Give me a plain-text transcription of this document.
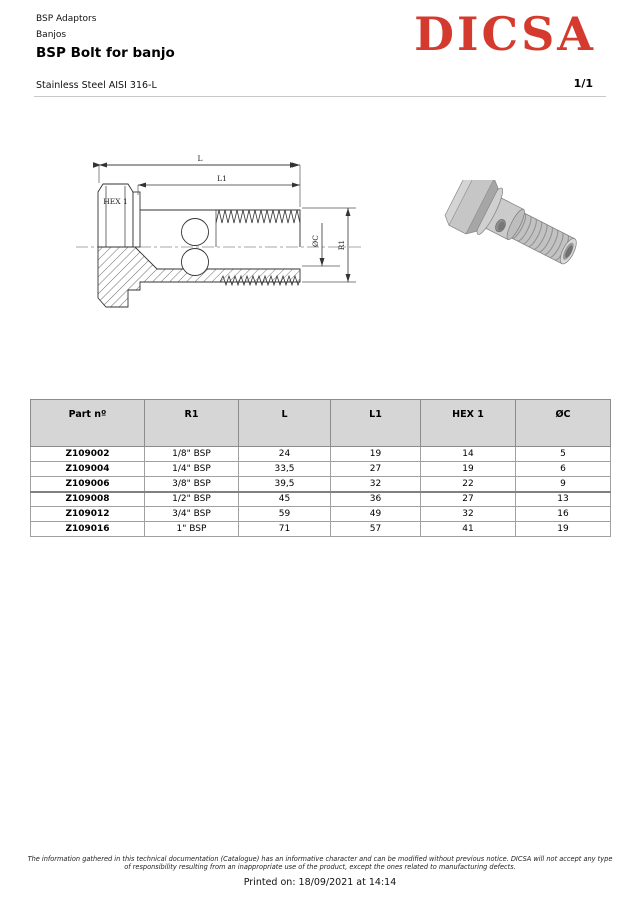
BSP Adaptors
Banjos
BSP Bolt for banjo	DICSA
Stainless Steel AISI 316-L	1/1
HEX 1
L
L1
ØC R1
Part nº	R1	L	L1	HEX 1	ØC
Z109002	1/8" BSP	24	19	14	5
Z109004	1/4" BSP	33,5	27	19	6
Z109006	3/8" BSP	39,5	32	22	9
Z109008	1/2" BSP	45	36	27	13
Z109012	3/4" BSP	59	49	32	16
Z109016	1" BSP	71	57	41	19
The information gathered in this technical documentation (Catalogue) has an informative character and can be modified without previous notice. DICSA will not accept any type
of responsibility resulting from an inappropriate use of the product, except the ones related to manufacturing defects.
Printed on: 18/09/2021 at 14:14
